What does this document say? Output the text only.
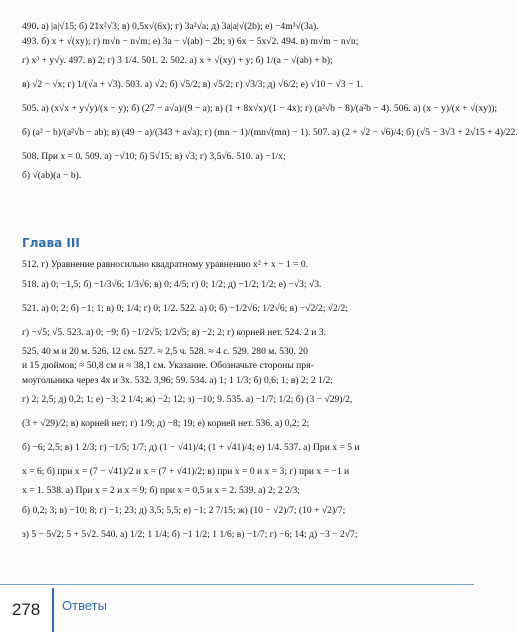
490. а) |a|√15; б) 21x²√3; в) 0,5x√(6x); г) 3a²√a; д) 3a|a|√(2b); е) −4m³√(3a).
493. б) x + √(xy); г) m√n − n√m; е) 3a − √(ab) − 2b; з) 6x − 5x√2. 494. в) m√m − n√n;
г) x³ + y√y. 497. в) 2; г) 3 1/4. 501. 2. 502. а) x + √(xy) + y; б) 1/(a − √(ab) + b);
в) √2 − √x; г) 1/(√a + √3). 503. а) √2; б) √5/2; в) √5/2; г) √3/3; д) √6/2; е) √10 − √3 − 1.
505. а) (x√x + y√y)/(x − y); б) (27 − a√a)/(9 − a); в) (1 + 8x√x)/(1 − 4x); г) (a²√b − 8)/(a²b − 4). 506. а) (x − y)/(x + √(xy));
б) (a² − b)/(a²√b − ab); в) (49 − a)/(343 + a√a); г) (mn − 1)/(mn√(mn) − 1). 507. а) (2 + √2 − √6)/4; б) (√5 − 3√3 + 2√15 + 4)/22.
508. При x = 0. 509. а) −√10; б) 5√15; в) √3; г) 3,5√6. 510. а) −1/x;
б) √(ab)(a − b).
Глава III
512. г) Уравнение равносильно квадратному уравнению x² + x − 1 = 0.
518. а) 0; −1,5; б) −1/3√6; 1/3√6; в) 0; 4/5; г) 0; 1/2; д) −1/2; 1/2; е) −√3; √3.
521. а) 0; 2; б) −1; 1; в) 0; 1/4; г) 0; 1/2. 522. а) 0; б) −1/2√6; 1/2√6; в) −√2/2; √2/2;
г) −√5; √5. 523. а) 0; −9; б) −1/2√5; 1/2√5; в) −2; 2; г) корней нет. 524. 2 и 3.
525. 40 м и 20 м. 526. 12 см. 527. ≈ 2,5 ч. 528. ≈ 4 с. 529. 280 м. 530. 20
и 15 дюймов; ≈ 50,8 см и ≈ 38,1 см. Указание. Обозначьте стороны пря-
моугольника через 4x и 3x. 532. 3,96; 59. 534. а) 1; 1 1/3; б) 0,6; 1; в) 2; 2 1/2;
г) 2; 2,5; д) 0,2; 1; е) −3; 2 1/4; ж) −2; 12; з) −10; 9. 535. а) −1/7; 1/2; б) (3 − √29)/2,
(3 + √29)/2; в) корней нет; г) 1/9; д) −8; 19; е) корней нет. 536. а) 0,2; 2;
б) −6; 2,5; в) 1 2/3; г) −1/5; 1/7; д) (1 − √41)/4; (1 + √41)/4; е) 1/4. 537. а) При x = 5 и
x = 6; б) при x = (7 − √41)/2 и x = (7 + √41)/2; в) при x = 0 и x = 3; г) при x = −1 и
x = 1. 538. а) При x = 2 и x = 9; б) при x = 0,5 и x = 2. 539. а) 2; 2 2/3;
б) 0,2; 3; в) −10; 8; г) −1; 23; д) 3,5; 5,5; е) −1; 2 7/15; ж) (10 − √2)/7; (10 + √2)/7;
з) 5 − 5√2; 5 + 5√2. 540. а) 1/2; 1 1/4; б) −1 1/2; 1 1/6; в) −1/7; г) −6; 14; д) −3 − 2√7;
278	Ответы
